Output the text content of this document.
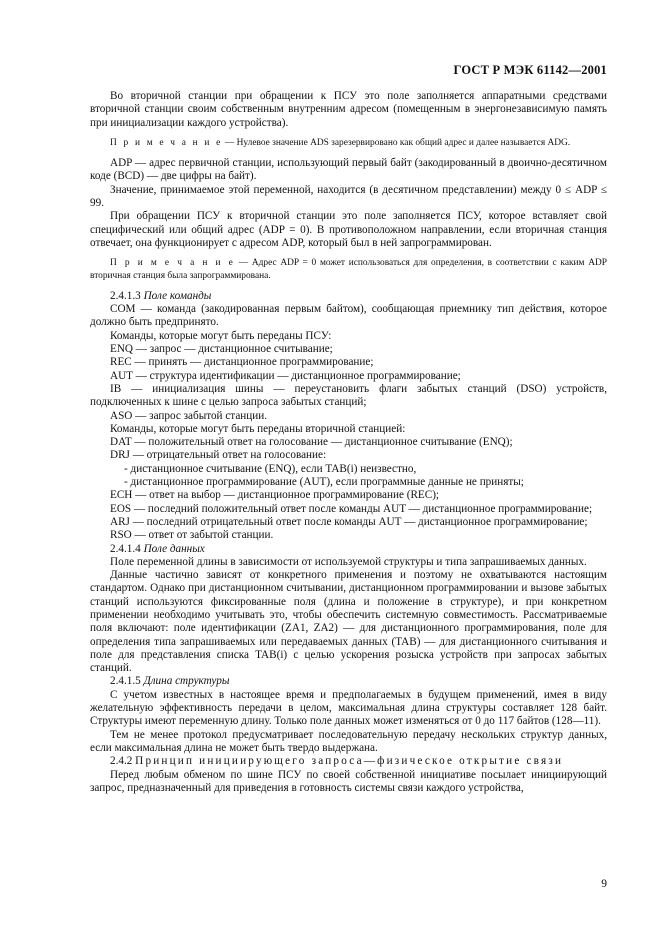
ГОСТ Р МЭК 61142—2001

Во вторичной станции при обращении к ПСУ это поле заполняется аппаратными средствами вторичной станции своим собственным внутренним адресом (помещенным в энергонезависимую память при инициализации каждого устройства).

П р и м е ч а н и е — Нулевое значение ADS зарезервировано как общий адрес и далее называется ADG.

ADP — адрес первичной станции, использующий первый байт (закодированный в двоично-десятичном коде (BCD) — две цифры на байт).

Значение, принимаемое этой переменной, находится (в десятичном представлении) между 0 ≤ ADP ≤ 99.

При обращении ПСУ к вторичной станции это поле заполняется ПСУ, которое вставляет свой специфический или общий адрес (ADP = 0). В противоположном направлении, если вторичная станция отвечает, она функционирует с адресом ADP, который был в ней запрограммирован.

П р и м е ч а н и е — Адрес ADP = 0 может использоваться для определения, в соответствии с каким ADP вторичная станция была запрограммирована.

2.4.1.3 Поле команды

COM — команда (закодированная первым байтом), сообщающая приемнику тип действия, которое должно быть предпринято.

Команды, которые могут быть переданы ПСУ:

ENQ — запрос — дистанционное считывание;

REC — принять — дистанционное программирование;

AUT — структура идентификации — дистанционное программирование;

IB — инициализация шины — переустановить флаги забытых станций (DSO) устройств, подключенных к шине с целью запроса забытых станций;

ASO — запрос забытой станции.

Команды, которые могут быть переданы вторичной станцией:

DAT — положительный ответ на голосование — дистанционное считывание (ENQ);

DRJ — отрицательный ответ на голосование:

- дистанционное считывание (ENQ), если TAB(i) неизвестно,

- дистанционное программирование (AUT), если программные данные не приняты;

ECH — ответ на выбор — дистанционное программирование (REC);

EOS — последний положительный ответ после команды AUT — дистанционное программирование;

ARJ — последний отрицательный ответ после команды AUT — дистанционное программирование;

RSO — ответ от забытой станции.

2.4.1.4 Поле данных

Поле переменной длины в зависимости от используемой структуры и типа запрашиваемых данных.

Данные частично зависят от конкретного применения и поэтому не охватываются настоящим стандартом. Однако при дистанционном считывании, дистанционном программировании и вызове забытых станций используются фиксированные поля (длина и положение в структуре), и при конкретном применении необходимо учитывать это, чтобы обеспечить системную совместимость. Рассматриваемые поля включают: поле идентификации (ZA1, ZA2) — для дистанционного программирования, поле для определения типа запрашиваемых или передаваемых данных (TAB) — для дистанционного считывания и поле для представления списка TAB(i) с целью ускорения розыска устройств при запросах забытых станций.

2.4.1.5 Длина структуры

С учетом известных в настоящее время и предполагаемых в будущем применений, имея в виду желательную эффективность передачи в целом, максимальная длина структуры составляет 128 байт. Структуры имеют переменную длину. Только поле данных может изменяться от 0 до 117 байтов (128—11).

Тем не менее протокол предусматривает последовательную передачу нескольких структур данных, если максимальная длина не может быть твердо выдержана.

2.4.2 Принцип инициирующего запроса—физическое открытие связи

Перед любым обменом по шине ПСУ по своей собственной инициативе посылает инициирующий запрос, предназначенный для приведения в готовность системы связи каждого устройства,

9
